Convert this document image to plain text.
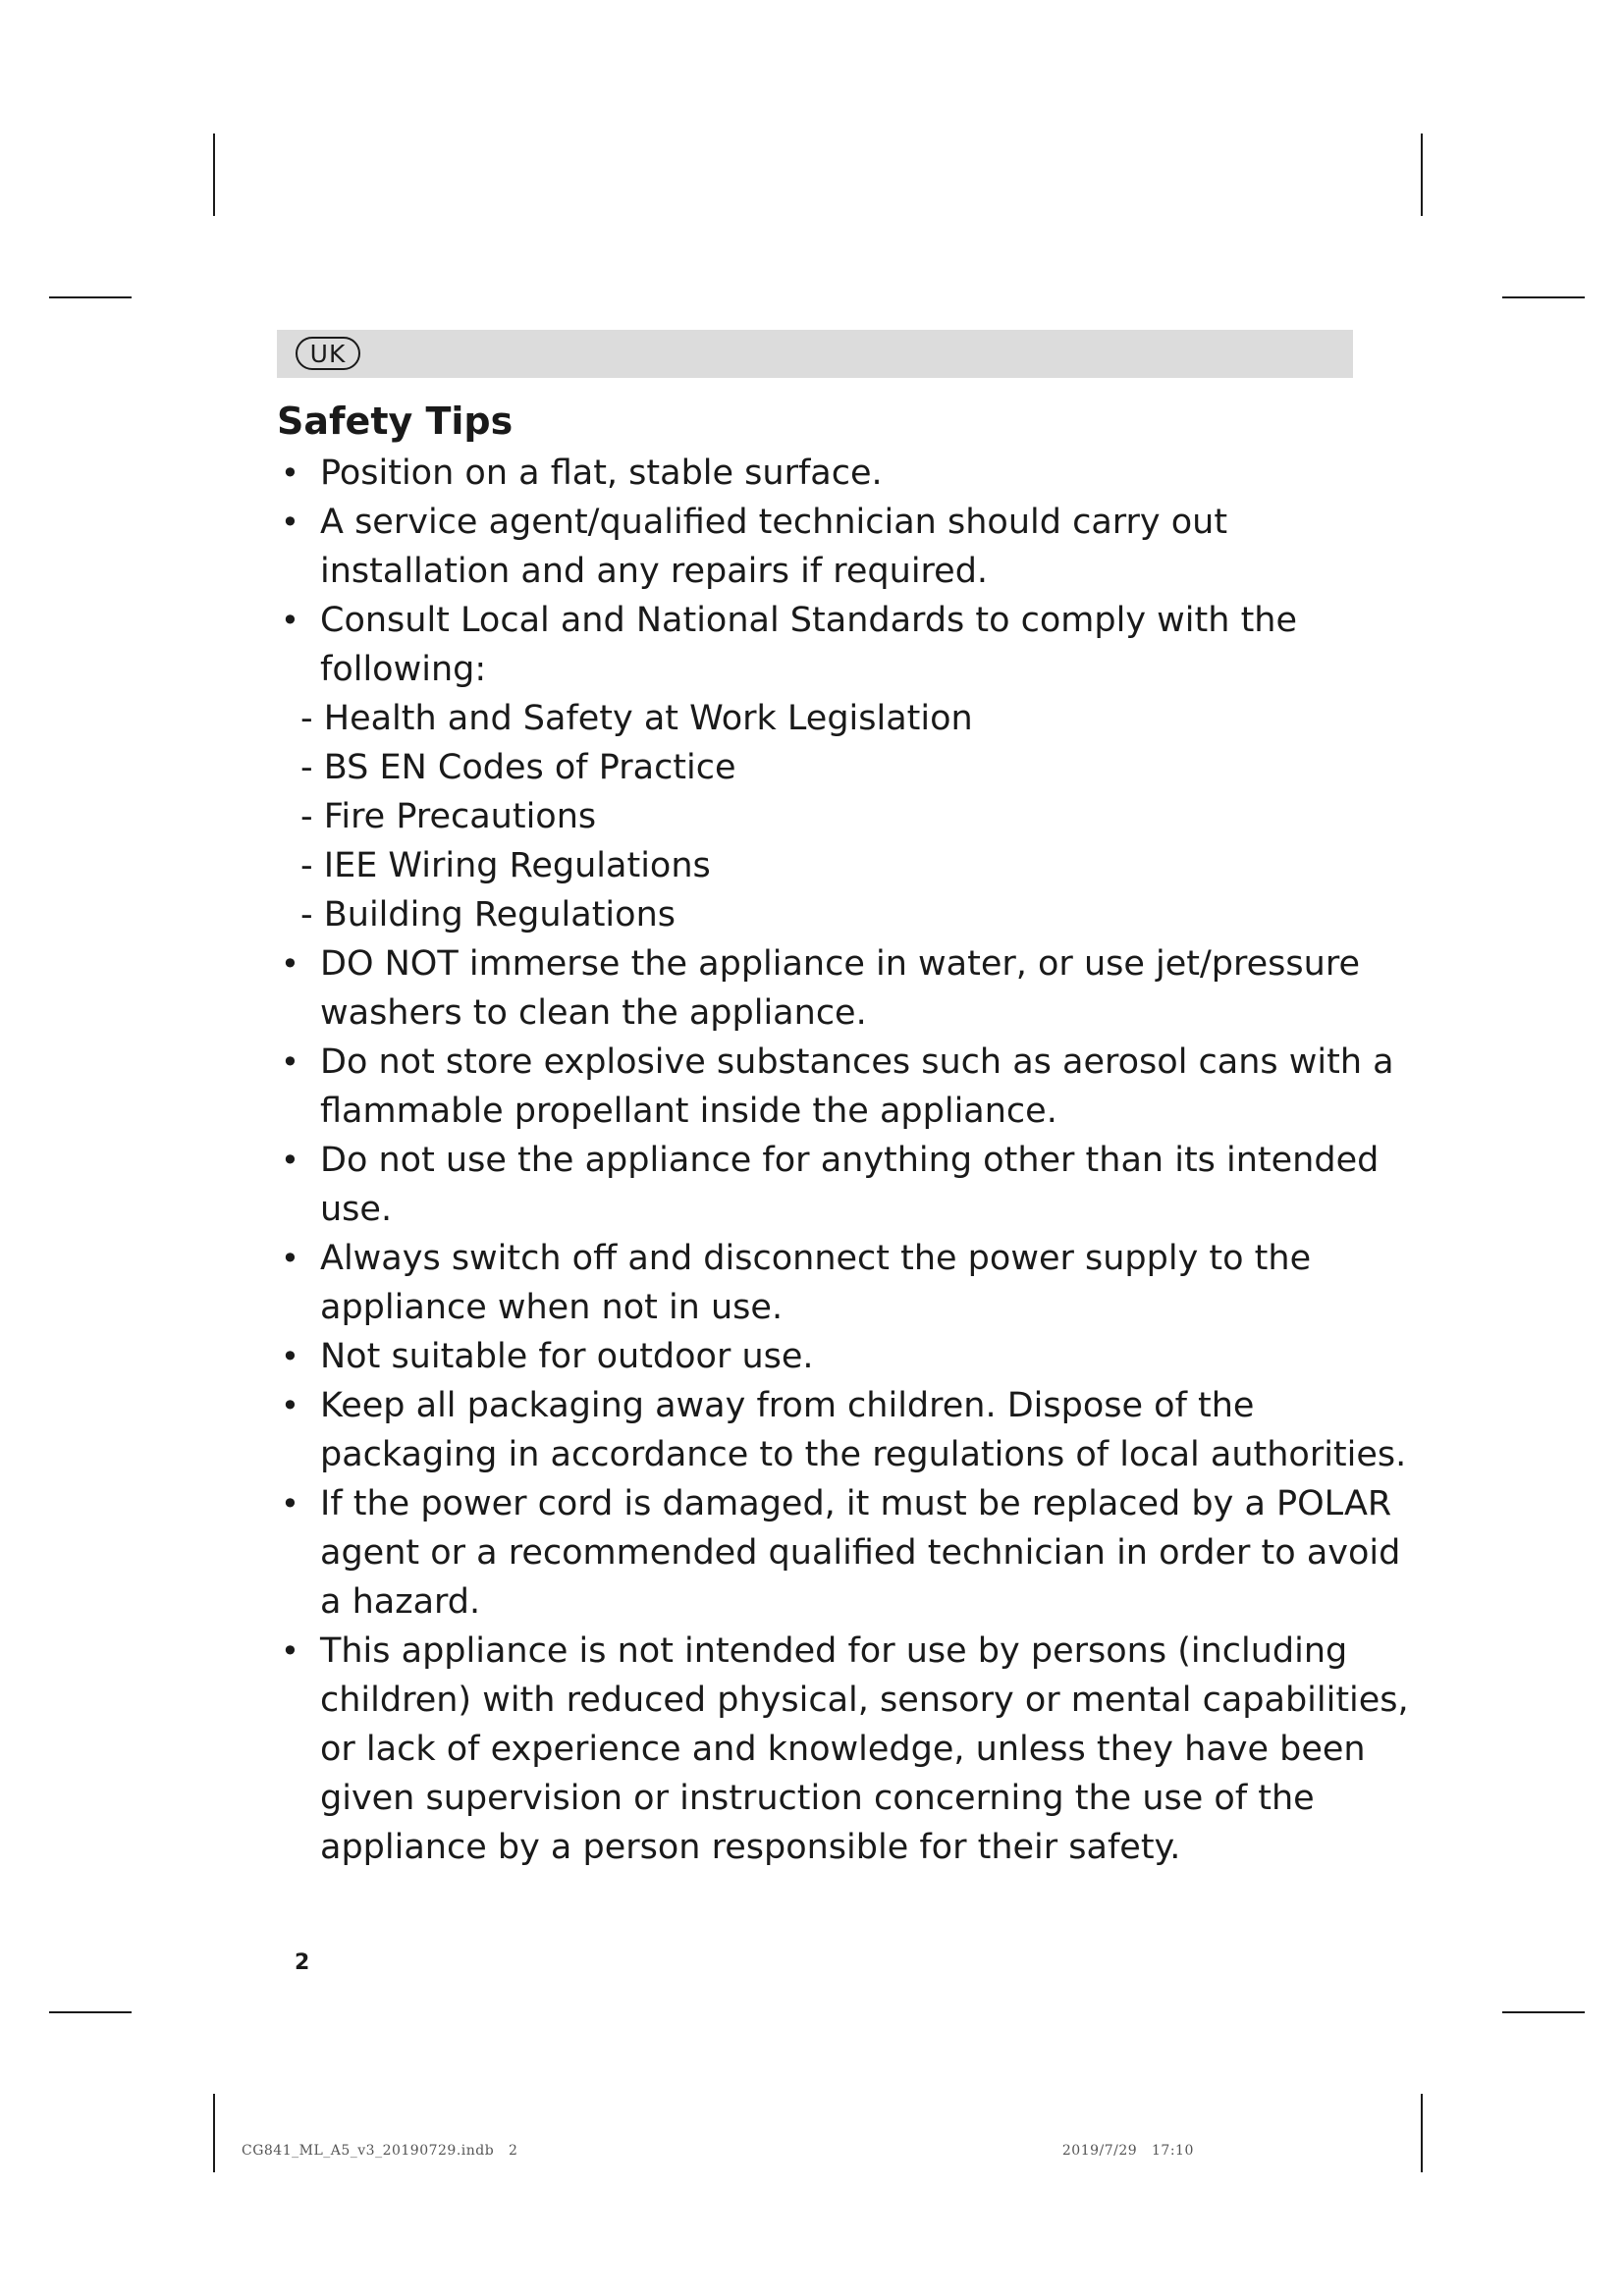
UK
Safety Tips
• Position on a flat, stable surface.
• A service agent/qualified technician should carry out
installation and any repairs if required.
• Consult Local and National Standards to comply with the
following:
- Health and Safety at Work Legislation
- BS EN Codes of Practice
- Fire Precautions
- IEE Wiring Regulations
- Building Regulations
• DO NOT immerse the appliance in water, or use jet/pressure
washers to clean the appliance.
• Do not store explosive substances such as aerosol cans with a
flammable propellant inside the appliance.
• Do not use the appliance for anything other than its intended
use.
• Always switch off and disconnect the power supply to the
appliance when not in use.
• Not suitable for outdoor use.
• Keep all packaging away from children. Dispose of the
packaging in accordance to the regulations of local authorities.
• If the power cord is damaged, it must be replaced by a POLAR
agent or a recommended qualified technician in order to avoid
a hazard.
• This appliance is not intended for use by persons (including
children) with reduced physical, sensory or mental capabilities,
or lack of experience and knowledge, unless they have been
given supervision or instruction concerning the use of the
appliance by a person responsible for their safety.
2
CG841_ML_A5_v3_20190729.indb   2                                                                                                                2019/7/29   17:10
